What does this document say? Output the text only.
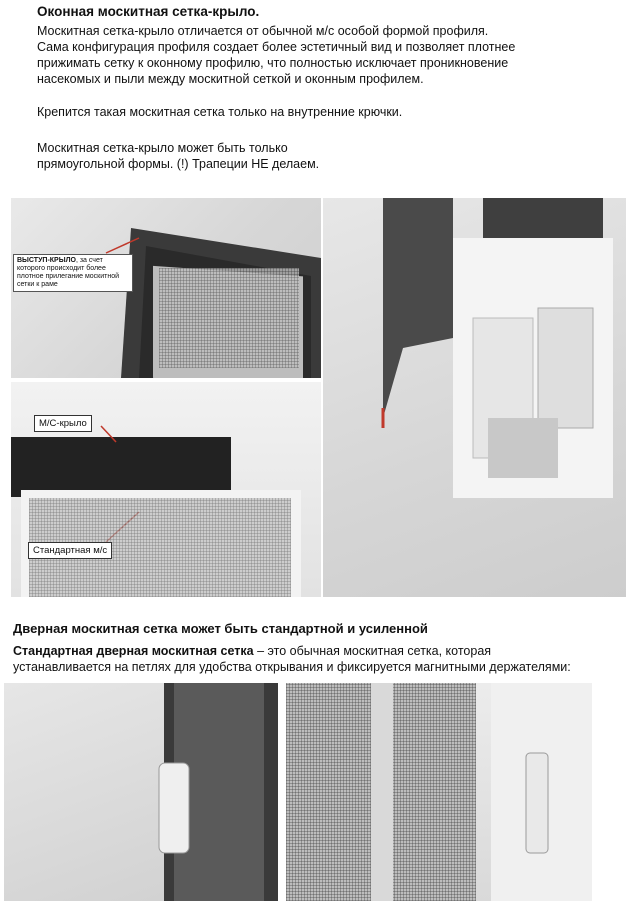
Оконная москитная сетка-крыло.
Москитная сетка-крыло отличается от обычной м/с особой формой профиля.
Сама конфигурация профиля создает более эстетичный вид и позволяет плотнее
прижимать сетку к оконному профилю, что полностью исключает проникновение
насекомых и пыли между москитной сеткой и оконным профилем.
Крепится такая москитная сетка только на внутренние крючки.
Москитная сетка-крыло может быть только
прямоугольной формы. (!) Трапеции НЕ делаем.
ВЫСТУП-КРЫЛО, за счет которого происходит более плотное прилегание москитной сетки к раме
М/С-крыло
Стандартная м/с
Дверная москитная сетка может быть стандартной и усиленной
Стандартная дверная москитная сетка – это обычная москитная сетка, которая
устанавливается на петлях для удобства открывания и фиксируется магнитными держателями:
